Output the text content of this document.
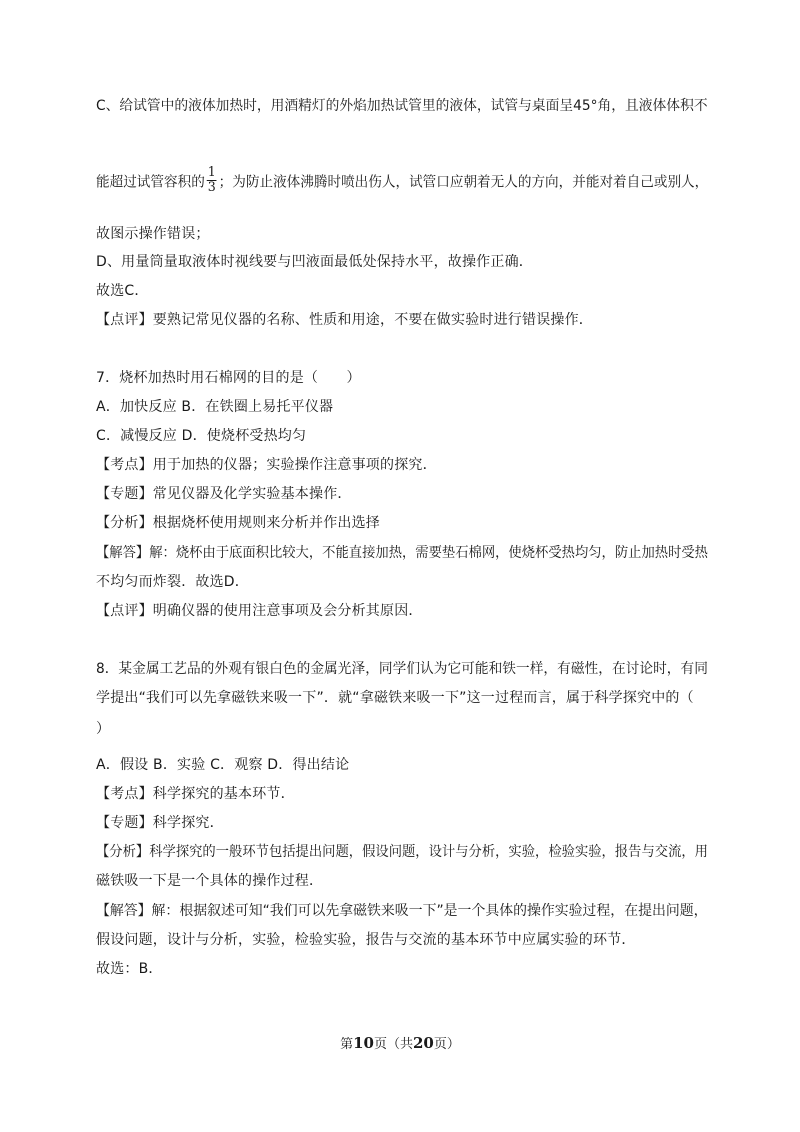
C、给试管中的液体加热时，用酒精灯的外焰加热试管里的液体，试管与桌面呈45°角，且液体体积不

能超过试管容积的 $\frac{1}{3}$ ；为防止液体沸腾时喷出伤人，试管口应朝着无人的方向，并能对着自己或别人，

故图示操作错误；

D、用量筒量取液体时视线要与凹液面最低处保持水平，故操作正确．

故选C．

【点评】要熟记常见仪器的名称、性质和用途，不要在做实验时进行错误操作．

7．烧杯加热时用石棉网的目的是（　　）

A．加快反应 B．在铁圈上易托平仪器

C．减慢反应 D．使烧杯受热均匀

【考点】用于加热的仪器；实验操作注意事项的探究．

【专题】常见仪器及化学实验基本操作．

【分析】根据烧杯使用规则来分析并作出选择

【解答】解：烧杯由于底面积比较大，不能直接加热，需要垫石棉网，使烧杯受热均匀，防止加热时受热

不均匀而炸裂．故选D．

【点评】明确仪器的使用注意事项及会分析其原因．

8．某金属工艺品的外观有银白色的金属光泽，同学们认为它可能和铁一样，有磁性，在讨论时，有同

学提出“我们可以先拿磁铁来吸一下”．就“拿磁铁来吸一下”这一过程而言，属于科学探究中的（

）

A．假设 B．实验 C．观察 D．得出结论

【考点】科学探究的基本环节．

【专题】科学探究．

【分析】科学探究的一般环节包括提出问题，假设问题，设计与分析，实验，检验实验，报告与交流，用

磁铁吸一下是一个具体的操作过程．

【解答】解：根据叙述可知“我们可以先拿磁铁来吸一下”是一个具体的操作实验过程，在提出问题，

假设问题，设计与分析，实验，检验实验，报告与交流的基本环节中应属实验的环节．

故选：B．

第10页（共20页）
